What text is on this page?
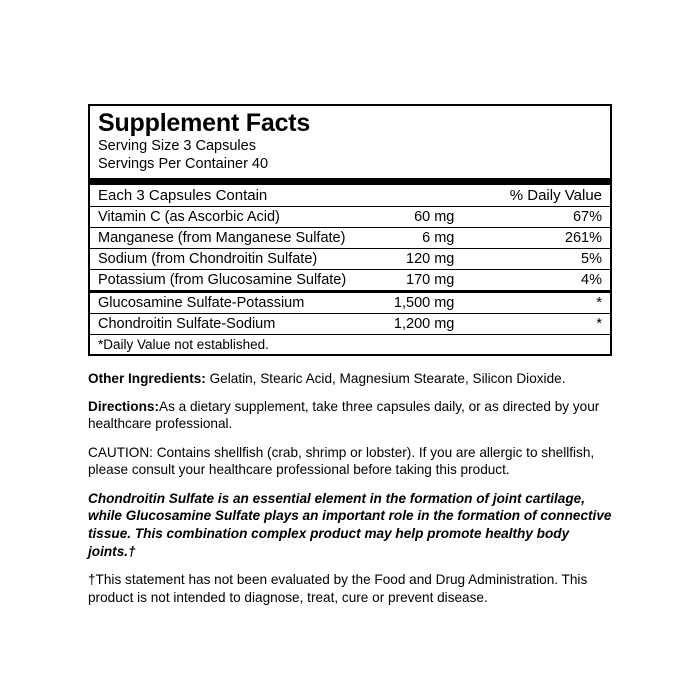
Supplement Facts
Serving Size 3 Capsules
Servings Per Container 40
Each 3 Capsules Contain		% Daily Value
Vitamin C (as Ascorbic Acid)	60 mg	67%
Manganese (from Manganese Sulfate)	6 mg	261%
Sodium (from Chondroitin Sulfate)	120 mg	5%
Potassium (from Glucosamine Sulfate)	170 mg	4%
Glucosamine Sulfate-Potassium	1,500 mg	*
Chondroitin Sulfate-Sodium	1,200 mg	*
*Daily Value not established.		

Other Ingredients: Gelatin, Stearic Acid, Magnesium Stearate, Silicon Dioxide.

Directions:As a dietary supplement, take three capsules daily, or as directed by your healthcare professional.

CAUTION: Contains shellfish (crab, shrimp or lobster). If you are allergic to shellfish, please consult your healthcare professional before taking this product.

Chondroitin Sulfate is an essential element in the formation of joint cartilage, while Glucosamine Sulfate plays an important role in the formation of connective tissue. This combination complex product may help promote healthy body joints.†

†This statement has not been evaluated by the Food and Drug Administration. This product is not intended to diagnose, treat, cure or prevent disease.
